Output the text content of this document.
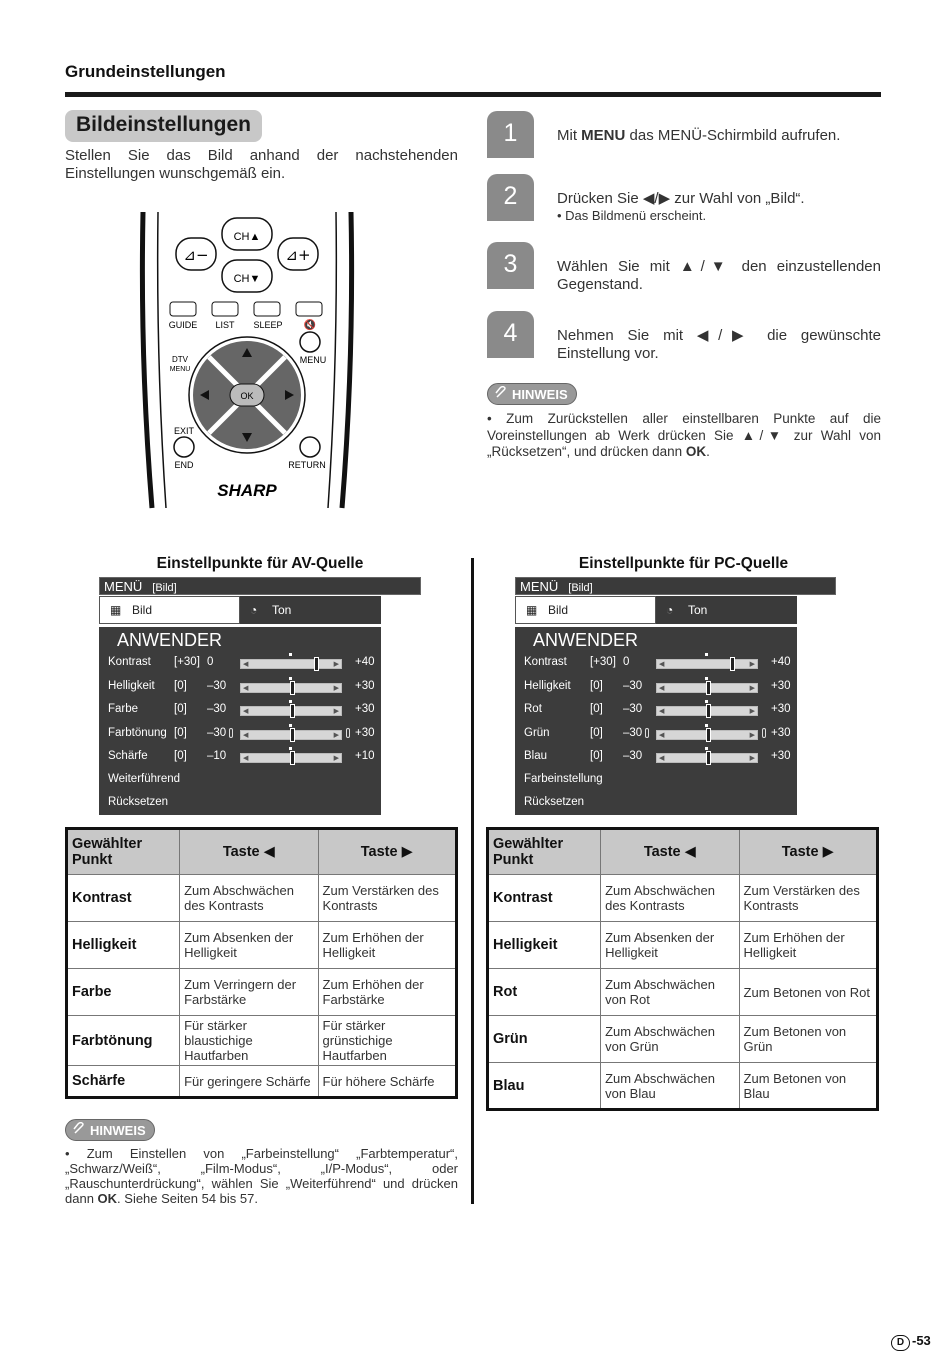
Grundeinstellungen
Bildeinstellungen
Stellen Sie das Bild anhand der nachstehenden Einstellungen wunschgemäß ein.
CH▲
CH▼
⊿−	⊿+
GUIDE LIST SLEEP 🔇
MENU
DTV
MENU
OK
EXIT
END	RETURN
SHARP
1	Mit MENU das MENÜ-Schirmbild aufrufen.
2	Drücken Sie ◀/▶ zur Wahl von „Bild“.
• Das Bildmenü erscheint.
3	Wählen Sie mit ▲/▼ den einzustellenden Gegenstand.
4	Nehmen Sie mit ◀/▶ die gewünschte Einstellung vor.
HINWEIS
• Zum Zurückstellen aller einstellbaren Punkte auf die Voreinstellungen ab Werk drücken Sie ▲/▼ zur Wahl von „Rücksetzen“, und drücken dann OK.
Einstellpunkte für AV-Quelle
MENÜ [Bild]
▦ Bild	◔ Ton
ANWENDER
Kontrast [+30] 0	◀	▶ +40
Helligkeit [0] –30 ◀	▶ +30
Farbe	[0] –30 ◀	▶ +30
Farbtönung [0] –30 ◀	▶ +30
Schärfe [0] –10 ◀	▶ +10
Weiterführend
Rücksetzen
Einstellpunkte für PC-Quelle
MENÜ [Bild]
▦ Bild	◔ Ton
ANWENDER
Kontrast [+30] 0	◀	▶ +40
Helligkeit [0] –30 ◀	▶ +30
Rot	[0] –30 ◀	▶ +30
Grün	[0] –30 ◀	▶ +30
Blau	[0] –30 ◀	▶ +30
Farbeinstellung
Rücksetzen
Gewählter Punkt	Taste ◀	Taste ▶
Kontrast	Zum Abschwächen des Kontrasts	Zum Verstärken des Kontrasts
Helligkeit	Zum Absenken der Helligkeit	Zum Erhöhen der Helligkeit
Farbe	Zum Verringern der Farbstärke	Zum Erhöhen der Farbstärke
Farbtönung	Für stärker blaustichige Hautfarben	Für stärker grünstichige Hautfarben
Schärfe	Für geringere Schärfe	Für höhere Schärfe
Gewählter Punkt	Taste ◀	Taste ▶
Kontrast	Zum Abschwächen des Kontrasts	Zum Verstärken des Kontrasts
Helligkeit	Zum Absenken der Helligkeit	Zum Erhöhen der Helligkeit
Rot	Zum Abschwächen von Rot	Zum Betonen von Rot
Grün	Zum Abschwächen von Grün	Zum Betonen von Grün
Blau	Zum Abschwächen von Blau	Zum Betonen von Blau
HINWEIS
• Zum Einstellen von „Farbeinstellung“ „Farbtemperatur“, „Schwarz/Weiß“, „Film-Modus“, „I/P-Modus“, oder „Rauschunterdrückung“, wählen Sie „Weiterführend“ und drücken dann OK. Siehe Seiten 54 bis 57.
D -53
